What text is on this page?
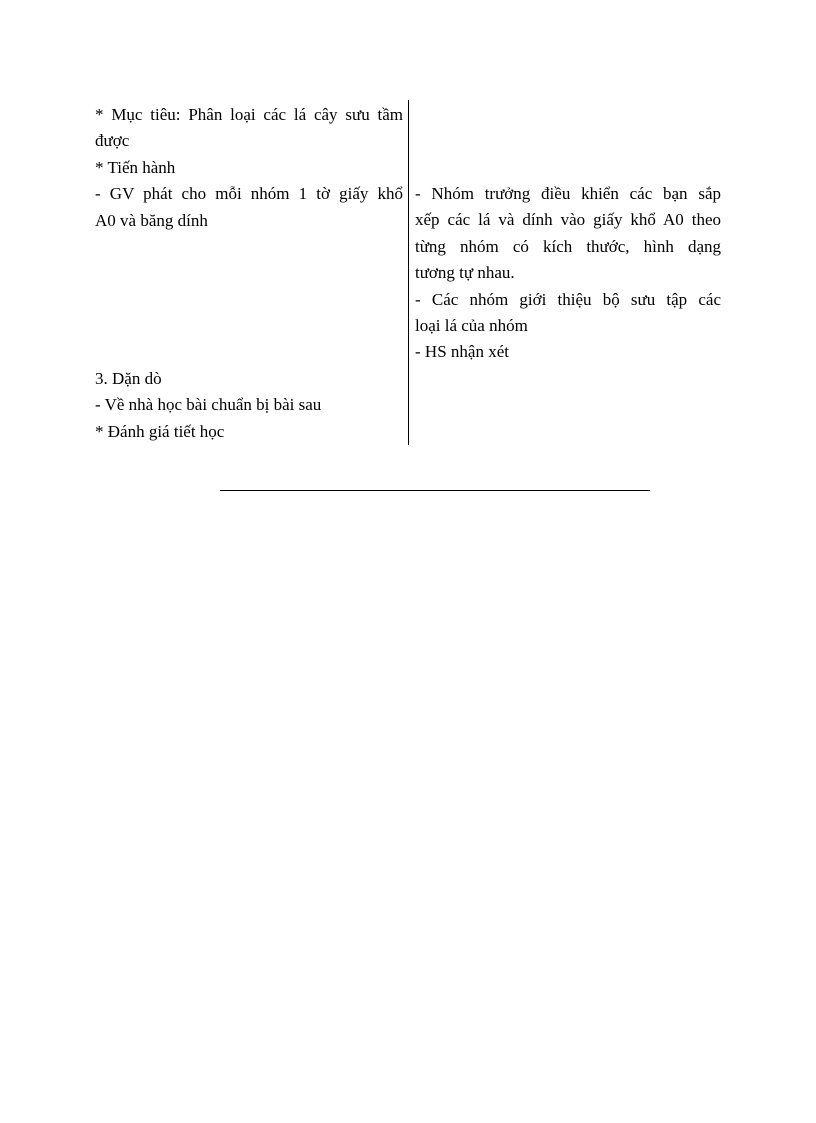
* Mục tiêu: Phân loại các lá cây sưu tầm
được
* Tiến hành
- GV phát cho mỗi nhóm 1 tờ giấy khổ
A0 và băng dính
3. Dặn dò
- Về nhà học bài chuẩn bị bài sau
* Đánh giá tiết học
- Nhóm trưởng điều khiển các bạn sắp
xếp các lá và dính vào giấy khổ A0 theo
từng nhóm có kích thước, hình dạng
tương tự nhau.
- Các nhóm giới thiệu bộ sưu tập các
loại lá của nhóm
- HS nhận xét
